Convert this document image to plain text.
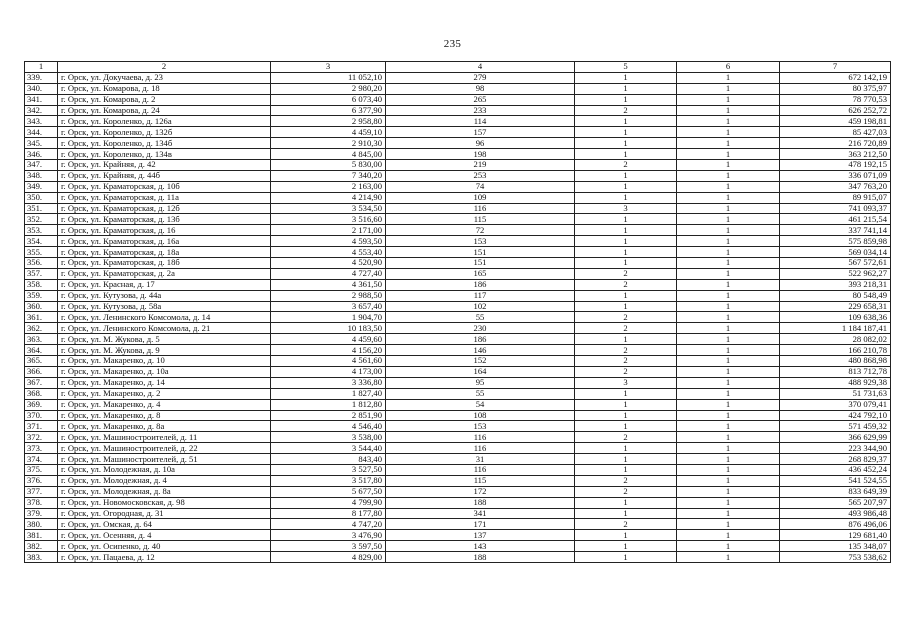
235
1	2	3	4	5	6	7
339.	г. Орск, ул. Докучаева, д. 23	11 052,10	279	1	1	672 142,19
340.	г. Орск, ул. Комарова, д. 18	2 980,20	98	1	1	80 375,97
341.	г. Орск, ул. Комарова, д. 2	6 073,40	265	1	1	78 770,53
342.	г. Орск, ул. Комарова, д. 24	6 377,90	233	2	1	626 252,72
343.	г. Орск, ул. Короленко, д. 126а	2 958,80	114	1	1	459 198,81
344.	г. Орск, ул. Короленко, д. 132б	4 459,10	157	1	1	85 427,03
345.	г. Орск, ул. Короленко, д. 134б	2 910,30	96	1	1	216 720,89
346.	г. Орск, ул. Короленко, д. 134в	4 845,00	198	1	1	363 212,50
347.	г. Орск, ул. Крайняя, д. 42	5 830,00	219	2	1	478 192,15
348.	г. Орск, ул. Крайняя, д. 44б	7 340,20	253	1	1	336 071,09
349.	г. Орск, ул. Краматорская, д. 10б	2 163,00	74	1	1	347 763,20
350.	г. Орск, ул. Краматорская, д. 11а	4 214,90	109	1	1	89 915,07
351.	г. Орск, ул. Краматорская, д. 12б	3 534,50	116	3	1	741 093,37
352.	г. Орск, ул. Краматорская, д. 13б	3 516,60	115	1	1	461 215,54
353.	г. Орск, ул. Краматорская, д. 16	2 171,00	72	1	1	337 741,14
354.	г. Орск, ул. Краматорская, д. 16а	4 593,50	153	1	1	575 859,98
355.	г. Орск, ул. Краматорская, д. 18а	4 553,40	151	1	1	569 034,14
356.	г. Орск, ул. Краматорская, д. 18б	4 520,90	151	1	1	567 572,61
357.	г. Орск, ул. Краматорская, д. 2а	4 727,40	165	2	1	522 962,27
358.	г. Орск, ул. Красная, д. 17	4 361,50	186	2	1	393 218,31
359.	г. Орск, ул. Кутузова, д. 44а	2 988,50	117	1	1	80 548,49
360.	г. Орск, ул. Кутузова, д. 58а	3 657,40	102	1	1	229 658,31
361.	г. Орск, ул. Ленинского Комсомола, д. 14	1 904,70	55	2	1	109 638,36
362.	г. Орск, ул. Ленинского Комсомола, д. 21	10 183,50	230	2	1	1 184 187,41
363.	г. Орск, ул. М. Жукова, д. 5	4 459,60	186	1	1	28 082,02
364.	г. Орск, ул. М. Жукова, д. 9	4 156,20	146	2	1	166 210,78
365.	г. Орск, ул. Макаренко, д. 10	4 561,60	152	2	1	480 868,98
366.	г. Орск, ул. Макаренко, д. 10а	4 173,00	164	2	1	813 712,78
367.	г. Орск, ул. Макаренко, д. 14	3 336,80	95	3	1	488 929,38
368.	г. Орск, ул. Макаренко, д. 2	1 827,40	55	1	1	51 731,63
369.	г. Орск, ул. Макаренко, д. 4	1 812,80	54	1	1	370 079,41
370.	г. Орск, ул. Макаренко, д. 8	2 851,90	108	1	1	424 792,10
371.	г. Орск, ул. Макаренко, д. 8а	4 546,40	153	1	1	571 459,32
372.	г. Орск, ул. Машиностроителей, д. 11	3 538,00	116	2	1	366 629,99
373.	г. Орск, ул. Машиностроителей, д. 22	3 544,40	116	1	1	223 344,90
374.	г. Орск, ул. Машиностроителей, д. 51	843,40	31	1	1	268 829,37
375.	г. Орск, ул. Молодежная, д. 10а	3 527,50	116	1	1	436 452,24
376.	г. Орск, ул. Молодежная, д. 4	3 517,80	115	2	1	541 524,55
377.	г. Орск, ул. Молодежная, д. 8а	5 677,50	172	2	1	833 649,39
378.	г. Орск, ул. Новомосковская, д. 98	4 799,90	188	1	1	565 207,97
379.	г. Орск, ул. Огородная, д. 31	8 177,80	341	1	1	493 986,48
380.	г. Орск, ул. Омская, д. 64	4 747,20	171	2	1	876 496,06
381.	г. Орск, ул. Осенняя, д. 4	3 476,90	137	1	1	129 681,40
382.	г. Орск, ул. Осипенко, д. 40	3 597,50	143	1	1	135 348,07
383.	г. Орск, ул. Пацаева, д. 12	4 829,00	188	1	1	753 538,62
